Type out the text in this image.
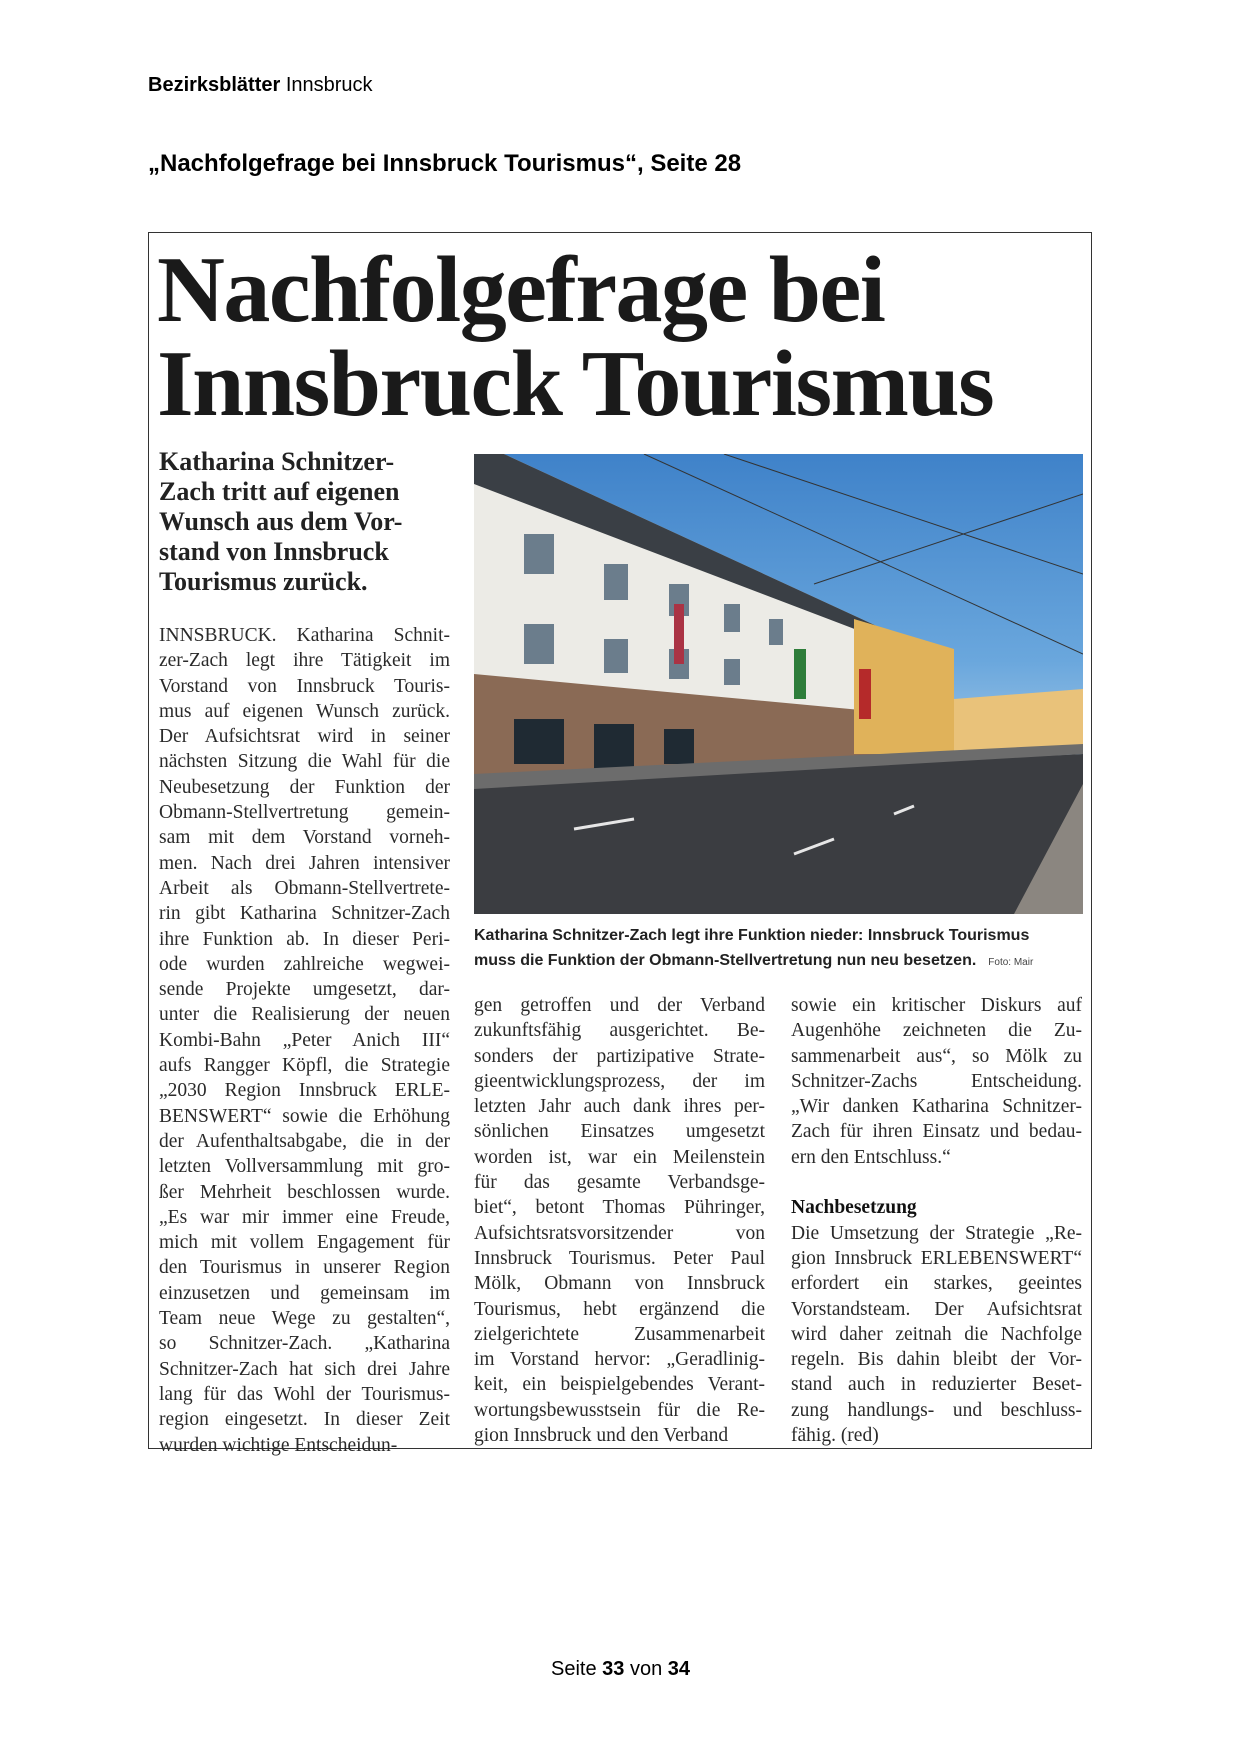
Bezirksblätter Innsbruck
„Nachfolgefrage bei Innsbruck Tourismus“, Seite 28
Nachfolgefrage bei
Innsbruck Tourismus
Katharina Schnitzer-
Zach tritt auf eigenen
Wunsch aus dem Vor-
stand von Innsbruck
Tourismus zurück.
Katharina Schnitzer-Zach legt ihre Funktion nieder: Innsbruck Tourismus
muss die Funktion der Obmann-Stellvertretung nun neu besetzen. Foto: Mair
INNSBRUCK. Katharina Schnit-
zer-Zach legt ihre Tätigkeit im
Vorstand von Innsbruck Touris-
mus auf eigenen Wunsch zurück.
Der Aufsichtsrat wird in seiner
nächsten Sitzung die Wahl für die
Neubesetzung der Funktion der
Obmann-Stellvertretung gemein-
sam mit dem Vorstand vorneh-
men. Nach drei Jahren intensiver
Arbeit als Obmann-Stellvertrete-
rin gibt Katharina Schnitzer-Zach
ihre Funktion ab. In dieser Peri-
ode wurden zahlreiche wegwei-
sende Projekte umgesetzt, dar-
unter die Realisierung der neuen
Kombi-Bahn „Peter Anich III“
aufs Rangger Köpfl, die Strategie
„2030 Region Innsbruck ERLE-
BENSWERT“ sowie die Erhöhung
der Aufenthaltsabgabe, die in der
letzten Vollversammlung mit gro-
ßer Mehrheit beschlossen wurde.
„Es war mir immer eine Freude,
mich mit vollem Engagement für
den Tourismus in unserer Region
einzusetzen und gemeinsam im
Team neue Wege zu gestalten“,
so Schnitzer-Zach. „Katharina
Schnitzer-Zach hat sich drei Jahre
lang für das Wohl der Tourismus-
region eingesetzt. In dieser Zeit
wurden wichtige Entscheidun-
gen getroffen und der Verband
zukunftsfähig ausgerichtet. Be-
sonders der partizipative Strate-
gieentwicklungsprozess, der im
letzten Jahr auch dank ihres per-
sönlichen Einsatzes umgesetzt
worden ist, war ein Meilenstein
für das gesamte Verbandsge-
biet“, betont Thomas Pühringer,
Aufsichtsratsvorsitzender von
Innsbruck Tourismus. Peter Paul
Mölk, Obmann von Innsbruck
Tourismus, hebt ergänzend die
zielgerichtete Zusammenarbeit
im Vorstand hervor: „Geradlinig-
keit, ein beispielgebendes Verant-
wortungsbewusstsein für die Re-
gion Innsbruck und den Verband
sowie ein kritischer Diskurs auf
Augenhöhe zeichneten die Zu-
sammenarbeit aus“, so Mölk zu
Schnitzer-Zachs Entscheidung.
„Wir danken Katharina Schnitzer-
Zach für ihren Einsatz und bedau-
ern den Entschluss.“
Nachbesetzung
Die Umsetzung der Strategie „Re-
gion Innsbruck ERLEBENSWERT“
erfordert ein starkes, geeintes
Vorstandsteam. Der Aufsichtsrat
wird daher zeitnah die Nachfolge
regeln. Bis dahin bleibt der Vor-
stand auch in reduzierter Beset-
zung handlungs- und beschluss-
fähig. (red)
Seite 33 von 34
